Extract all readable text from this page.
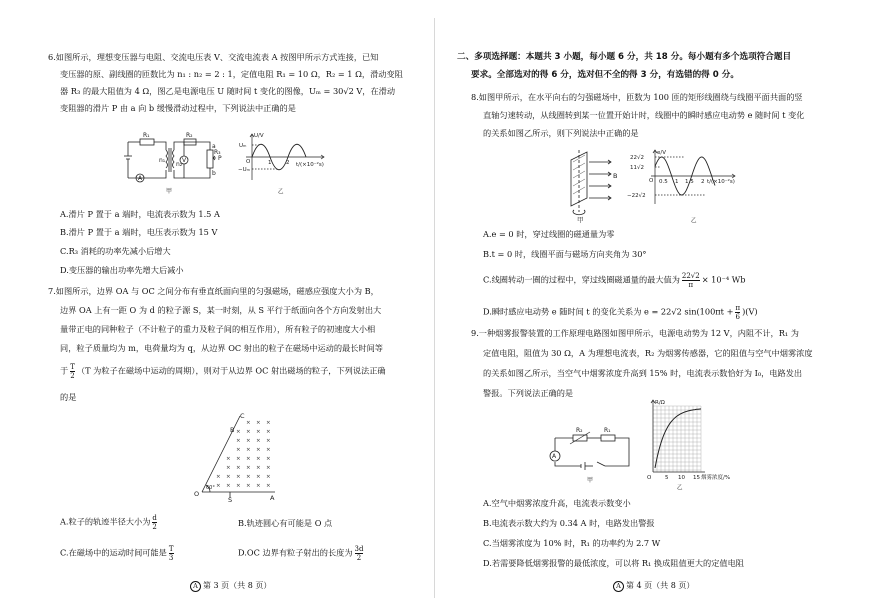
6.如图所示，理想变压器与电阻、交流电压表 V、交流电流表 A 按图甲所示方式连接，已知
变压器的原、副线圈的匝数比为 n₁ : n₂ = 2 : 1，定值电阻 R₁ = 10 Ω，R₂ = 1 Ω，滑动变阻
器 R₃ 的最大阻值为 4 Ω，图乙是电源电压 U 随时间 t 变化的图像，Uₘ = 30√2 V，在滑动
变阻器的滑片 P 由 a 向 b 缓慢滑动过程中，下列说法中正确的是
R₁	R₂
R₃
n₁
n₂
V
A
P
a
b
甲
U/V
Uₘ
−Uₘ
O	1	2 t/(×10⁻²s)
乙
A.滑片 P 置于 a 端时，电流表示数为 1.5 A
B.滑片 P 置于 a 端时，电压表示数为 15 V
C.R₃ 消耗的功率先减小后增大
D.变压器的输出功率先增大后减小
7.如图所示，边界 OA 与 OC 之间分布有垂直纸面向里的匀强磁场，磁感应强度大小为 B，
边界 OA 上有一距 O 为 d 的粒子源 S，某一时刻，从 S 平行于纸面向各个方向发射出大
量带正电的同种粒子（不计粒子的重力及粒子间的相互作用），所有粒子的初速度大小相
同，粒子质量均为 m，电荷量均为 q，从边界 OC 射出的粒子在磁场中运动的最长时间等
于 $\frac{T}{2} (T$ 为粒子在磁场中运动的周期），则对于从边界 OC 射出磁场的粒子，下列说法正确
的是
× × ×
× × × ×
× × × ×
× × × ×
× × × × ×
× × × × ×
× × × × × ×
× × × × × ×
C
B
O	A
S
60°
A.粒子的轨迹半径大小为 $\frac{d}{2}$	B.轨迹圆心有可能是 O 点
C.在磁场中的运动时间可能是 $\frac{T}{3}$	D.OC 边界有粒子射出的长度为 $\frac{3d}{2}$
A 第 3 页（共 8 页）
二、多项选择题：本题共 3 小题，每小题 6 分，共 18 分。每小题有多个选项符合题目
要求。全部选对的得 6 分，选对但不全的得 3 分，有选错的得 0 分。
8.如图甲所示，在水平向右的匀强磁场中，匝数为 100 匝的矩形线圈绕与线圈平面共面的竖
直轴匀速转动，从线圈转到某一位置开始计时，线圈中的瞬时感应电动势 e 随时间 t 变化
的关系如图乙所示，则下列说法中正确的是
B
甲
e/V
22√2
11√2
−22√2
O 0.5 1 1.5 2 t/(×10⁻²s)
乙
A.e = 0 时，穿过线圈的磁通量为零
B.t = 0 时，线圈平面与磁场方向夹角为 30°
C.线圈转动一圈的过程中，穿过线圈磁通量的最大值为 $\frac{22√2}{\pi} \times 10^{-4}$ Wb
D.瞬时感应电动势 e 随时间 t 的变化关系为 e = 22√2 $\sin(100\pi t + \frac{\pi}{6} )(V)$
9.一种烟雾报警装置的工作原理电路图如图甲所示，电源电动势为 12 V，内阻不计，R₁ 为
定值电阻，阻值为 30 Ω，A 为理想电流表，R₂ 为烟雾传感器，它的阻值与空气中烟雾浓度
的关系如图乙所示，当空气中烟雾浓度升高到 15% 时，电流表示数恰好为 I₀，电路发出
警报。下列说法正确的是
R₂	R₁
A
甲
R/Ω
O 5 10 15 烟雾浓度/%
乙
A.空气中烟雾浓度升高，电流表示数变小
B.电流表示数大约为 0.34 A 时，电路发出警报
C.当烟雾浓度为 10% 时，R₁ 的功率约为 2.7 W
D.若需要降低烟雾报警的最低浓度，可以将 R₁ 换成阻值更大的定值电阻
A 第 4 页（共 8 页）
